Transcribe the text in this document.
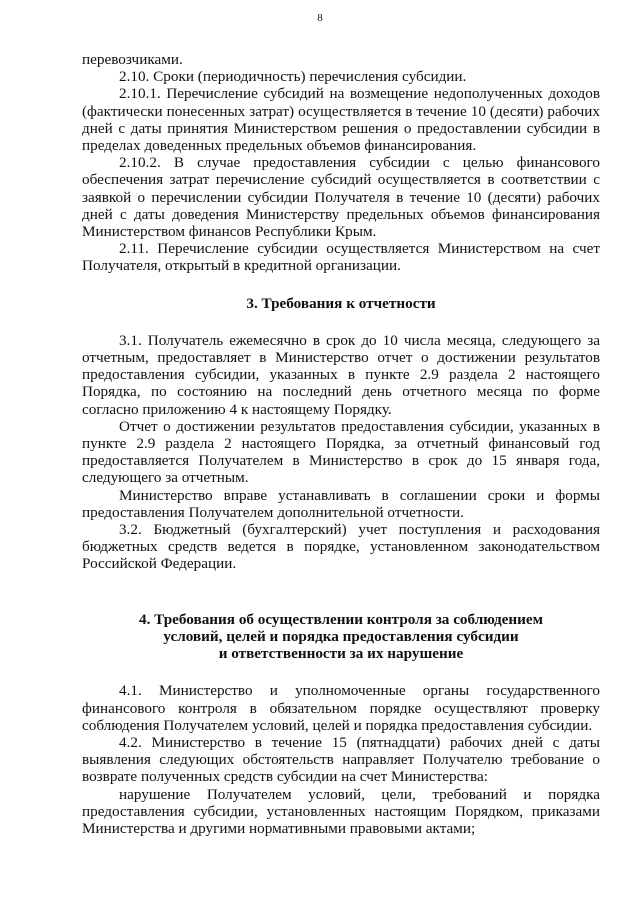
8

перевозчиками.

2.10. Сроки (периодичность) перечисления субсидии.

2.10.1. Перечисление субсидий на возмещение недополученных доходов (фактически понесенных затрат) осуществляется в течение 10 (десяти) рабочих дней с даты принятия Министерством решения о предоставлении субсидии в пределах доведенных предельных объемов финансирования.

2.10.2. В случае предоставления субсидии с целью финансового обеспечения затрат перечисление субсидий осуществляется в соответствии с заявкой о перечислении субсидии Получателя в течение 10 (десяти) рабочих дней с даты доведения Министерству предельных объемов финансирования Министерством финансов Республики Крым.

2.11. Перечисление субсидии осуществляется Министерством на счет Получателя, открытый в кредитной организации.

3. Требования к отчетности

3.1. Получатель ежемесячно в срок до 10 числа месяца, следующего за отчетным, предоставляет в Министерство отчет о достижении результатов предоставления субсидии, указанных в пункте 2.9 раздела 2 настоящего Порядка, по состоянию на последний день отчетного месяца по форме согласно приложению 4 к настоящему Порядку.

Отчет о достижении результатов предоставления субсидии, указанных в пункте 2.9 раздела 2 настоящего Порядка, за отчетный финансовый год предоставляется Получателем в Министерство в срок до 15 января года, следующего за отчетным.

Министерство вправе устанавливать в соглашении сроки и формы предоставления Получателем дополнительной отчетности.

3.2. Бюджетный (бухгалтерский) учет поступления и расходования бюджетных средств ведется в порядке, установленном законодательством Российской Федерации.

4. Требования об осуществлении контроля за соблюдением

условий, целей и порядка предоставления субсидии

и ответственности за их нарушение

4.1. Министерство и уполномоченные органы государственного финансового контроля в обязательном порядке осуществляют проверку соблюдения Получателем условий, целей и порядка предоставления субсидии.

4.2. Министерство в течение 15 (пятнадцати) рабочих дней с даты выявления следующих обстоятельств направляет Получателю требование о возврате полученных средств субсидии на счет Министерства:

нарушение Получателем условий, цели, требований и порядка предоставления субсидии, установленных настоящим Порядком, приказами Министерства и другими нормативными правовыми актами;
